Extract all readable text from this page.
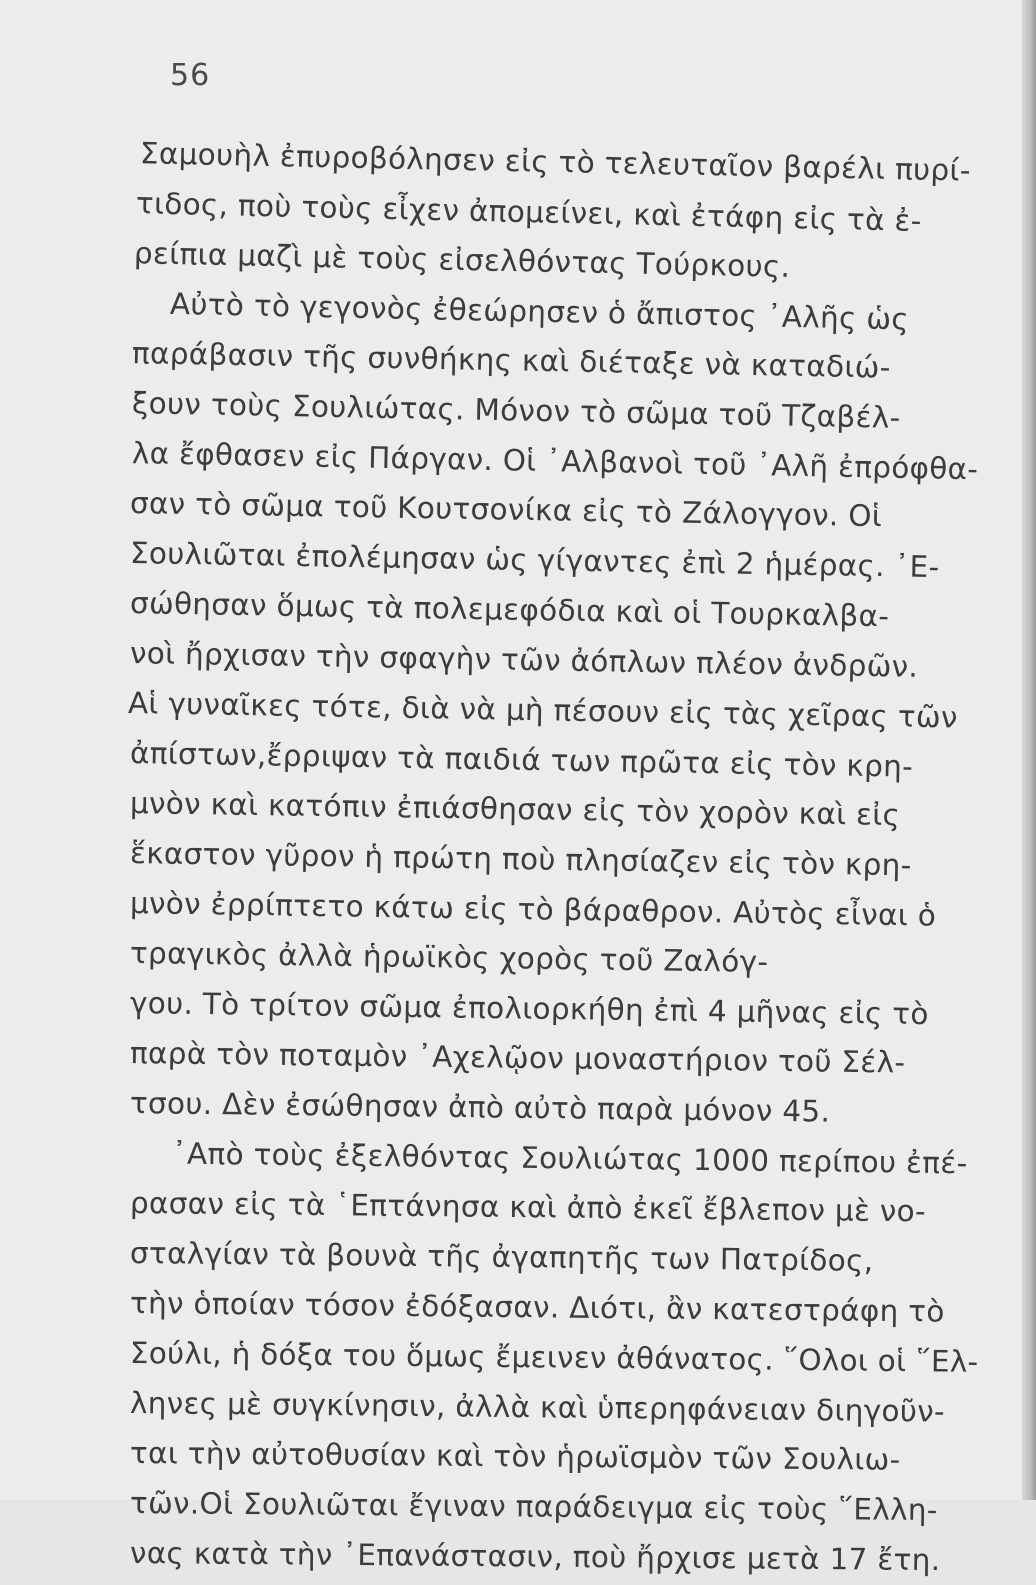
56
Σαμουὴλ ἐπυροβόλησεν εἰς τὸ τελευταῖον βαρέλι πυρί-
τιδος, ποὺ τοὺς εἶχεν ἀπομείνει, καὶ ἐτάφη εἰς τὰ ἐ-
ρείπια μαζὶ μὲ τοὺς εἰσελθόντας Τούρκους.
Αὐτὸ τὸ γεγονὸς ἐθεώρησεν ὁ ἄπιστος ᾿Αλῆς ὡς
παράβασιν τῆς συνθήκης καὶ διέταξε νὰ καταδιώ-
ξουν τοὺς Σουλιώτας. Μόνον τὸ σῶμα τοῦ Τζαβέλ-
λα ἔφθασεν εἰς Πάργαν. Οἱ ᾿Αλβανοὶ τοῦ ᾿Αλῆ ἐπρόφθα-
σαν τὸ σῶμα τοῦ Κουτσονίκα εἰς τὸ Ζάλογγον. Οἱ
Σουλιῶται ἐπολέμησαν ὡς γίγαντες ἐπὶ 2 ἡμέρας. ᾿Ε-
σώθησαν ὅμως τὰ πολεμεφόδια καὶ οἱ Τουρκαλβα-
νοὶ ἤρχισαν τὴν σφαγὴν τῶν ἀόπλων πλέον ἀνδρῶν.
Αἱ γυναῖκες τότε, διὰ νὰ μὴ πέσουν εἰς τὰς χεῖρας τῶν
ἀπίστων,ἔρριψαν τὰ παιδιά των πρῶτα εἰς τὸν κρη-
μνὸν καὶ κατόπιν ἐπιάσθησαν εἰς τὸν χορὸν καὶ εἰς
ἕκαστον γῦρον ἡ πρώτη ποὺ πλησίαζεν εἰς τὸν κρη-
μνὸν ἐρρίπτετο κάτω εἰς τὸ βάραθρον. Αὐτὸς εἶναι ὁ
τραγικὸς ἀλλὰ ἡρωϊκὸς χορὸς τοῦ Ζαλόγ-
γου. Τὸ τρίτον σῶμα ἐπολιορκήθη ἐπὶ 4 μῆνας εἰς τὸ
παρὰ τὸν ποταμὸν ᾿Αχελῷον μοναστήριον τοῦ Σέλ-
τσου. Δὲν ἐσώθησαν ἀπὸ αὐτὸ παρὰ μόνον 45.
᾿Απὸ τοὺς ἐξελθόντας Σουλιώτας 1000 περίπου ἐπέ-
ρασαν εἰς τὰ ῾Επτάνησα καὶ ἀπὸ ἐκεῖ ἔβλεπον μὲ νο-
σταλγίαν τὰ βουνὰ τῆς ἀγαπητῆς των Πατρίδος,
τὴν ὁποίαν τόσον ἐδόξασαν. Διότι, ἂν κατεστράφη τὸ
Σούλι, ἡ δόξα του ὅμως ἔμεινεν ἀθάνατος. ῞Ολοι οἱ ῞Ελ-
ληνες μὲ συγκίνησιν, ἀλλὰ καὶ ὑπερηφάνειαν διηγοῦν-
ται τὴν αὐτοθυσίαν καὶ τὸν ἡρωϊσμὸν τῶν Σουλιω-
τῶν.Οἱ Σουλιῶται ἔγιναν παράδειγμα εἰς τοὺς ῞Ελλη-
νας κατὰ τὴν ᾿Επανάστασιν, ποὺ ἤρχισε μετὰ 17 ἔτη.
